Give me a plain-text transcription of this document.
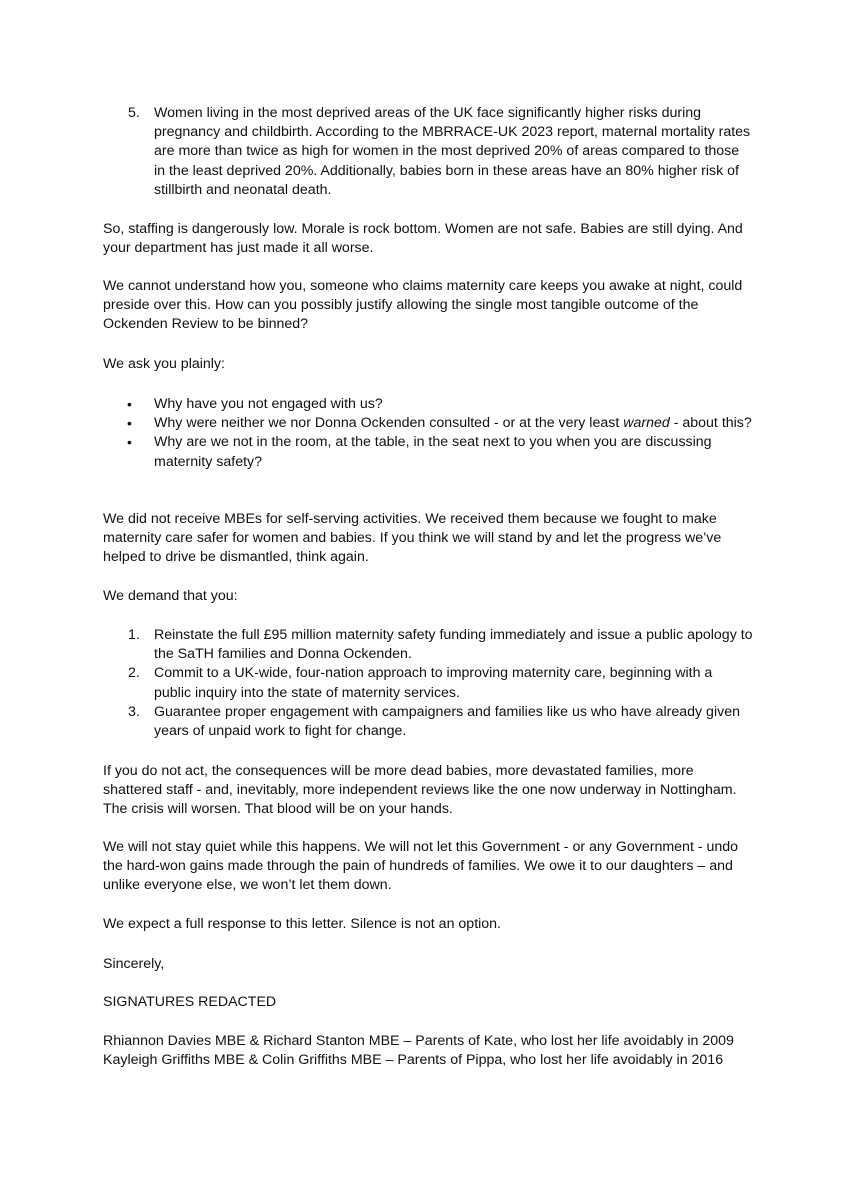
5. Women living in the most deprived areas of the UK face significantly higher risks during pregnancy and childbirth. According to the MBRRACE-UK 2023 report, maternal mortality rates are more than twice as high for women in the most deprived 20% of areas compared to those in the least deprived 20%. Additionally, babies born in these areas have an 80% higher risk of stillbirth and neonatal death.

So, staffing is dangerously low. Morale is rock bottom. Women are not safe. Babies are still dying. And your department has just made it all worse.

We cannot understand how you, someone who claims maternity care keeps you awake at night, could preside over this. How can you possibly justify allowing the single most tangible outcome of the Ockenden Review to be binned?

We ask you plainly:

• Why have you not engaged with us?
• Why were neither we nor Donna Ockenden consulted - or at the very least warned - about this?
• Why are we not in the room, at the table, in the seat next to you when you are discussing maternity safety?

We did not receive MBEs for self-serving activities. We received them because we fought to make maternity care safer for women and babies. If you think we will stand by and let the progress we’ve helped to drive be dismantled, think again.

We demand that you:

1. Reinstate the full £95 million maternity safety funding immediately and issue a public apology to the SaTH families and Donna Ockenden.
2. Commit to a UK-wide, four-nation approach to improving maternity care, beginning with a public inquiry into the state of maternity services.
3. Guarantee proper engagement with campaigners and families like us who have already given years of unpaid work to fight for change.

If you do not act, the consequences will be more dead babies, more devastated families, more shattered staff - and, inevitably, more independent reviews like the one now underway in Nottingham. The crisis will worsen. That blood will be on your hands.

We will not stay quiet while this happens. We will not let this Government - or any Government - undo the hard-won gains made through the pain of hundreds of families. We owe it to our daughters – and unlike everyone else, we won’t let them down.

We expect a full response to this letter. Silence is not an option.

Sincerely,

SIGNATURES REDACTED

Rhiannon Davies MBE & Richard Stanton MBE – Parents of Kate, who lost her life avoidably in 2009
Kayleigh Griffiths MBE & Colin Griffiths MBE – Parents of Pippa, who lost her life avoidably in 2016
